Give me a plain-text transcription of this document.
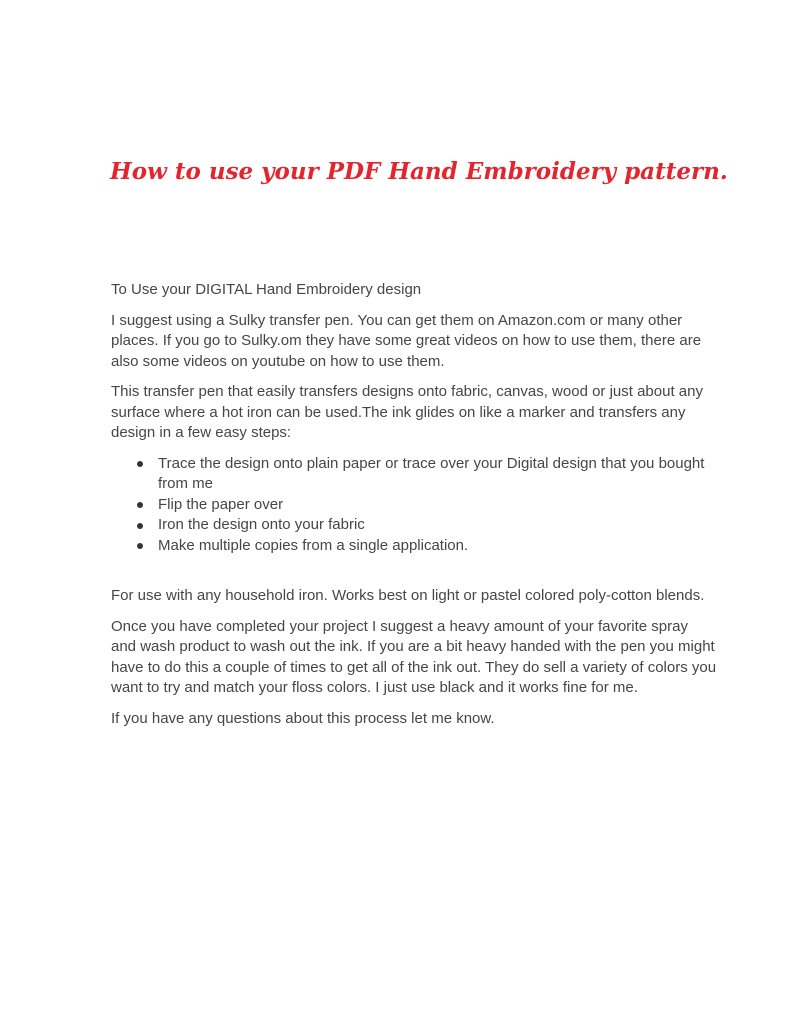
How to use your PDF Hand Embroidery pattern.

To Use your DIGITAL Hand Embroidery design

I suggest using a Sulky transfer pen. You can get them on Amazon.com or many other places. If you go to Sulky.om they have some great videos on how to use them, there are also some videos on youtube on how to use them.

This transfer pen that easily transfers designs onto fabric, canvas, wood or just about any surface where a hot iron can be used.The ink glides on like a marker and transfers any design in a few easy steps:

Trace the design onto plain paper or trace over your Digital design that you bought from me
Flip the paper over
Iron the design onto your fabric
Make multiple copies from a single application.

For use with any household iron. Works best on light or pastel colored poly-cotton blends.

Once you have completed your project I suggest a heavy amount of your favorite spray and wash product to wash out the ink. If you are a bit heavy handed with the pen you might have to do this a couple of times to get all of the ink out. They do sell a variety of colors you want to try and match your floss colors. I just use black and it works fine for me.

If you have any questions about this process let me know.
